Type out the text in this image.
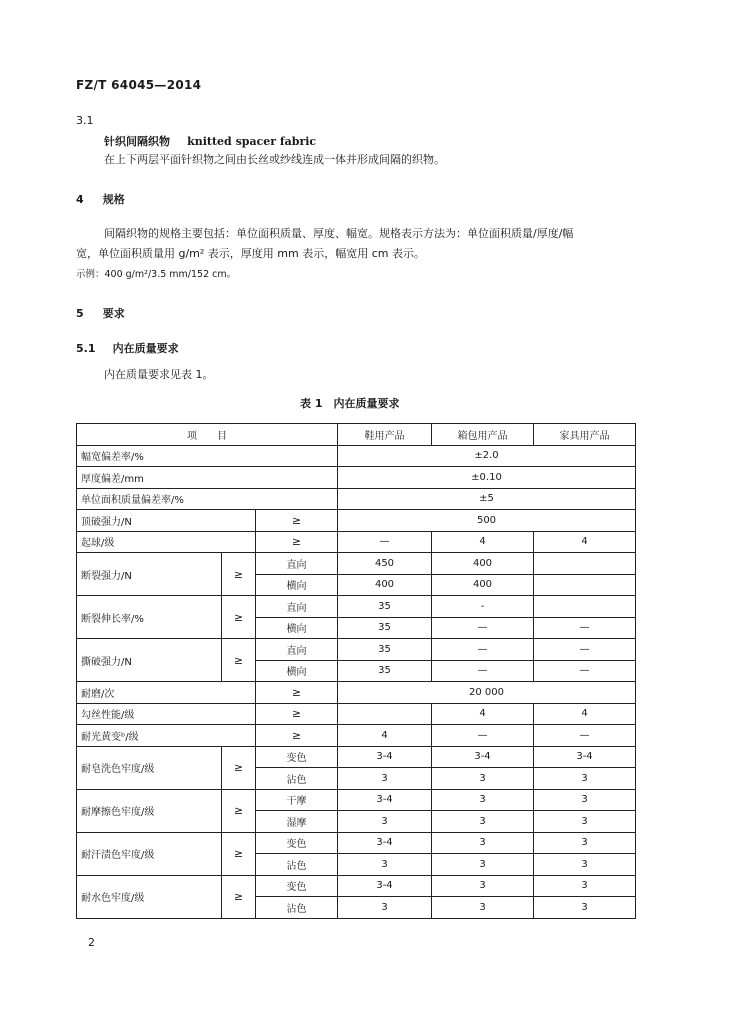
FZ/T 64045—2014
3.1
针织间隔织物 knitted spacer fabric
在上下两层平面针织物之间由长丝或纱线连成一体并形成间隔的织物。
4 规格
间隔织物的规格主要包括：单位面积质量、厚度、幅宽。规格表示方法为：单位面积质量/厚度/幅
宽，单位面积质量用 g/m² 表示，厚度用 mm 表示，幅宽用 cm 表示。
示例：400 g/m²/3.5 mm/152 cm。
5 要求
5.1 内在质量要求
内在质量要求见表 1。
表 1　内在质量要求
项　　目			鞋用产品	箱包用产品	家具用产品
幅宽偏差率/%			±2.0		
厚度偏差/mm			±0.10		
单位面积质量偏差率/%			±5		
顶破强力/N		≥	500		
起球/级		≥	—	4	4
断裂强力/N	≥	直向	450	400	
		横向	400	400	
断裂伸长率/%	≥	直向	35	-	
		横向	35	—	—
撕破强力/N	≥	直向	35	—	—
		横向	35	—	—
耐磨/次		≥	20 000		
勾丝性能/级		≥		4	4
耐光黄变ᵇ/级		≥	4	—	—
耐皂洗色牢度/级	≥	变色	3-4	3-4	3-4
		沾色	3	3	3
耐摩擦色牢度/级	≥	干摩	3-4	3	3
		湿摩	3	3	3
耐汗渍色牢度/级	≥	变色	3-4	3	3
		沾色	3	3	3
耐水色牢度/级	≥	变色	3-4	3	3
		沾色	3	3	3
2
